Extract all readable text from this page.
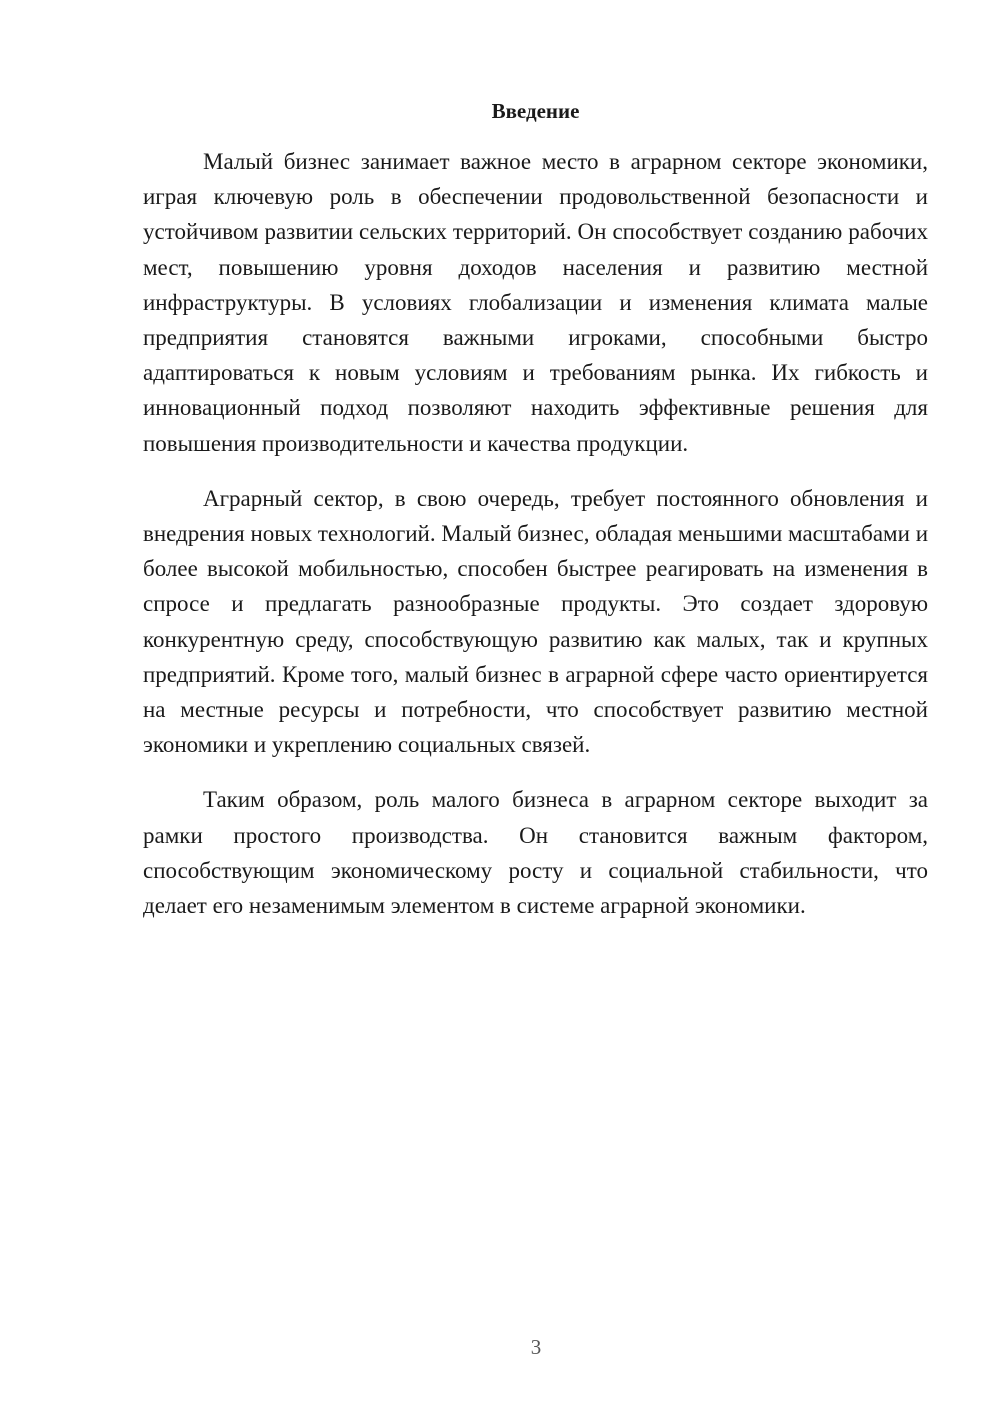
Введение

Малый бизнес занимает важное место в аграрном секторе экономики, играя ключевую роль в обеспечении продовольственной безопасности и устойчивом развитии сельских территорий. Он способствует созданию рабочих мест, повышению уровня доходов населения и развитию местной инфраструктуры. В условиях глобализации и изменения климата малые предприятия становятся важными игроками, способными быстро адаптироваться к новым условиям и требованиям рынка. Их гибкость и инновационный подход позволяют находить эффективные решения для повышения производительности и качества продукции.

Аграрный сектор, в свою очередь, требует постоянного обновления и внедрения новых технологий. Малый бизнес, обладая меньшими масштабами и более высокой мобильностью, способен быстрее реагировать на изменения в спросе и предлагать разнообразные продукты. Это создает здоровую конкурентную среду, способствующую развитию как малых, так и крупных предприятий. Кроме того, малый бизнес в аграрной сфере часто ориентируется на местные ресурсы и потребности, что способствует развитию местной экономики и укреплению социальных связей.

Таким образом, роль малого бизнеса в аграрном секторе выходит за рамки простого производства. Он становится важным фактором, способствующим экономическому росту и социальной стабильности, что делает его незаменимым элементом в системе аграрной экономики.

3
